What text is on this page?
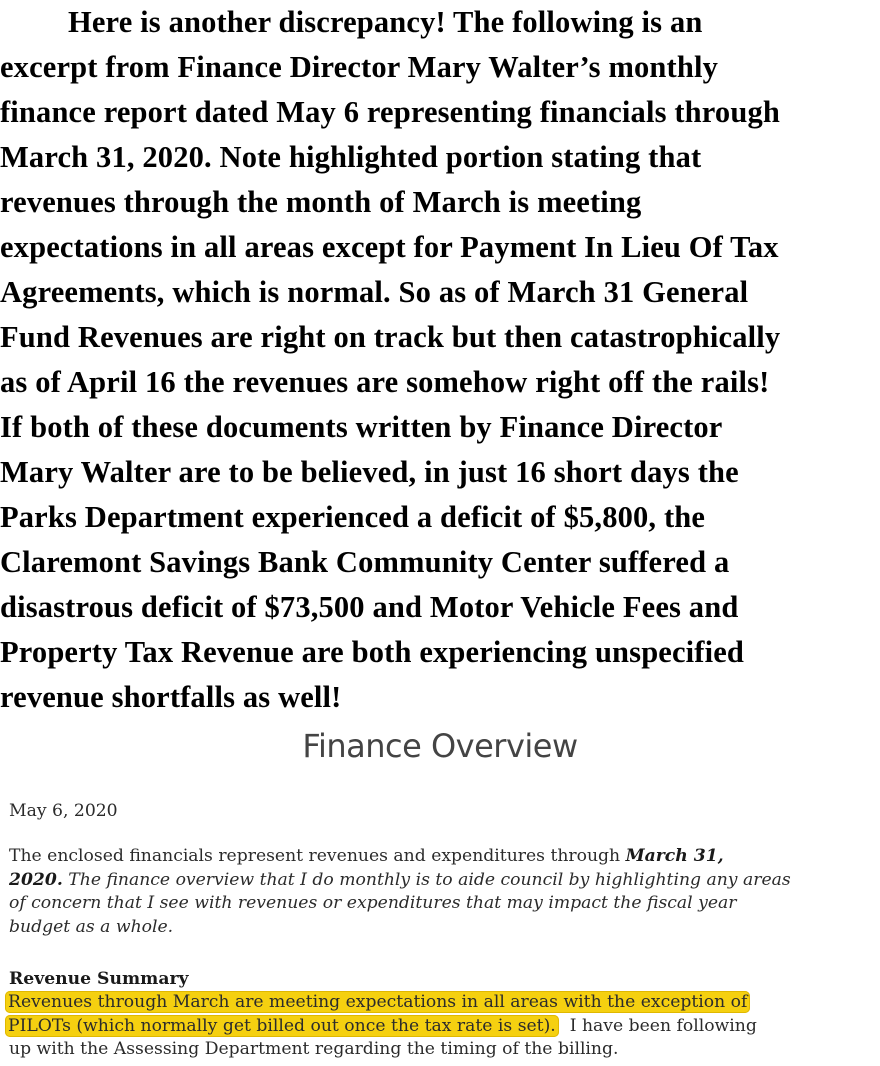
Here is another discrepancy! The following is an
excerpt from Finance Director Mary Walter’s monthly
finance report dated May 6 representing financials through
March 31, 2020. Note highlighted portion stating that
revenues through the month of March is meeting
expectations in all areas except for Payment In Lieu Of Tax
Agreements, which is normal. So as of March 31 General
Fund Revenues are right on track but then catastrophically
as of April 16 the revenues are somehow right off the rails!
If both of these documents written by Finance Director
Mary Walter are to be believed, in just 16 short days the
Parks Department experienced a deficit of $5,800, the
Claremont Savings Bank Community Center suffered a
disastrous deficit of $73,500 and Motor Vehicle Fees and
Property Tax Revenue are both experiencing unspecified
revenue shortfalls as well!
Finance Overview
May 6, 2020
The enclosed financials represent revenues and expenditures through March 31,
2020. The finance overview that I do monthly is to aide council by highlighting any areas
of concern that I see with revenues or expenditures that may impact the fiscal year
budget as a whole.
Revenue Summary
Revenues through March are meeting expectations in all areas with the exception of
PILOTs (which normally get billed out once the tax rate is set).  I have been following
up with the Assessing Department regarding the timing of the billing.
